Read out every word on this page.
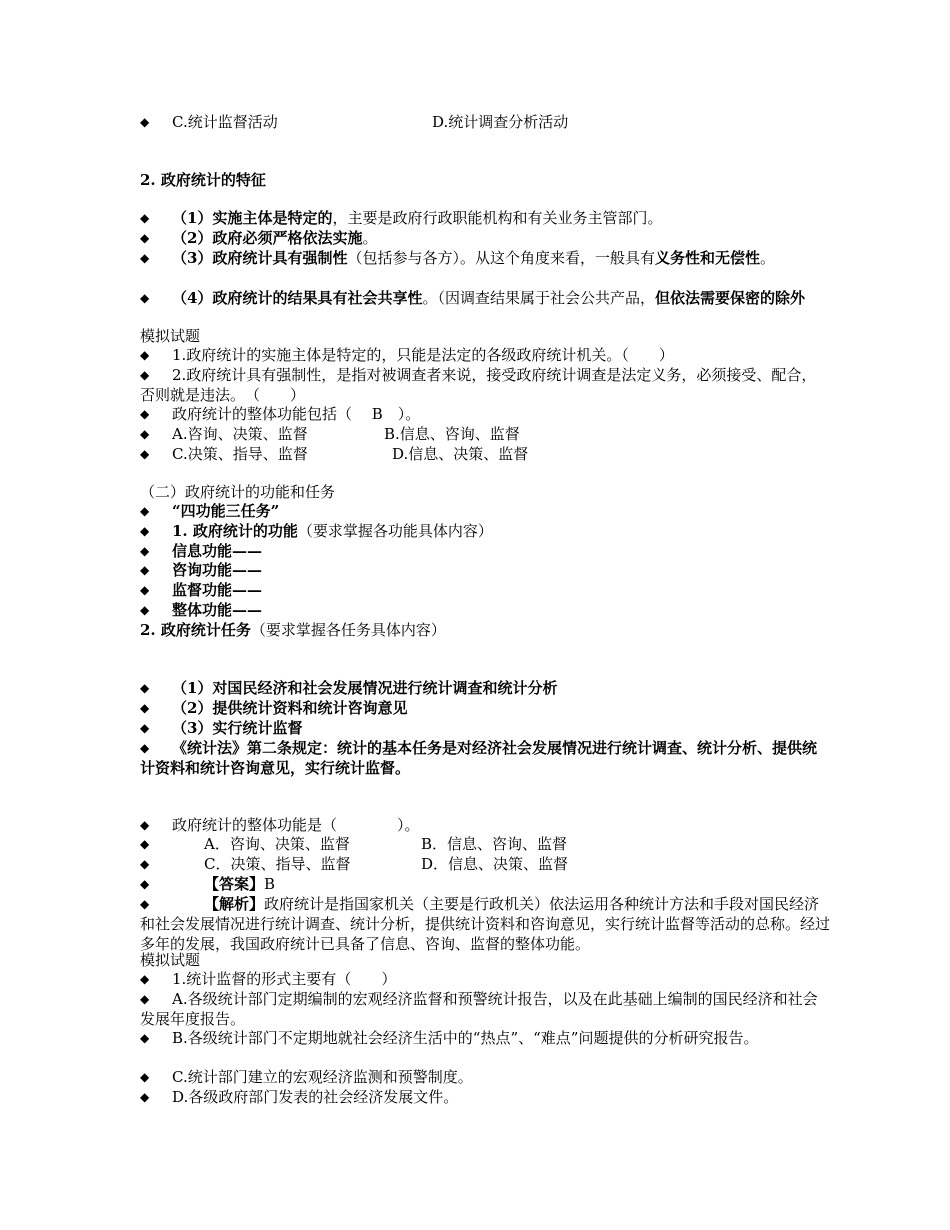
◆ C.统计监督活动	D.统计调查分析活动
2. 政府统计的特征
◆ （1）实施主体是特定的，主要是政府行政职能机构和有关业务主管部门。
◆ （2）政府必须严格依法实施。
◆ （3）政府统计具有强制性（包括参与各方）。从这个角度来看，一般具有义务性和无偿性。
◆ （4）政府统计的结果具有社会共享性。（因调查结果属于社会公共产品，但依法需要保密的除外
模拟试题
◆ 1.政府统计的实施主体是特定的，只能是法定的各级政府统计机关。（　　）
◆ 2.政府统计具有强制性，是指对被调查者来说，接受政府统计调查是法定义务，必须接受、配合，否则就是违法。　（　　）
◆ 政府统计的整体功能包括（　 B　）。
◆ A.咨询、决策、监督	B.信息、咨询、监督
◆ C.决策、指导、监督	D.信息、决策、监督
（二）政府统计的功能和任务
◆ “四功能三任务”
◆ 1. 政府统计的功能（要求掌握各功能具体内容）
◆ 信息功能——
◆ 咨询功能——
◆ 监督功能——
◆ 整体功能——
2. 政府统计任务（要求掌握各任务具体内容）
◆ （1）对国民经济和社会发展情况进行统计调查和统计分析
◆ （2）提供统计资料和统计咨询意见
◆ （3）实行统计监督
◆ 《统计法》第二条规定：统计的基本任务是对经济社会发展情况进行统计调查、统计分析、提供统计资料和统计咨询意见，实行统计监督。
◆ 政府统计的整体功能是（　　　　）。
◆	A．咨询、决策、监督	B．信息、咨询、监督
◆	C．决策、指导、监督	D．信息、决策、监督
◆	【答案】B
◆	【解析】政府统计是指国家机关（主要是行政机关）依法运用各种统计方法和手段对国民经济和社会发展情况进行统计调查、统计分析，提供统计资料和咨询意见，实行统计监督等活动的总称。经过多年的发展，我国政府统计已具备了信息、咨询、监督的整体功能。
模拟试题
◆ 1.统计监督的形式主要有（　　）
◆ A.各级统计部门定期编制的宏观经济监督和预警统计报告，以及在此基础上编制的国民经济和社会发展年度报告。
◆ B.各级统计部门不定期地就社会经济生活中的“热点”、“难点”问题提供的分析研究报告。
◆ C.统计部门建立的宏观经济监测和预警制度。
◆ D.各级政府部门发表的社会经济发展文件。
